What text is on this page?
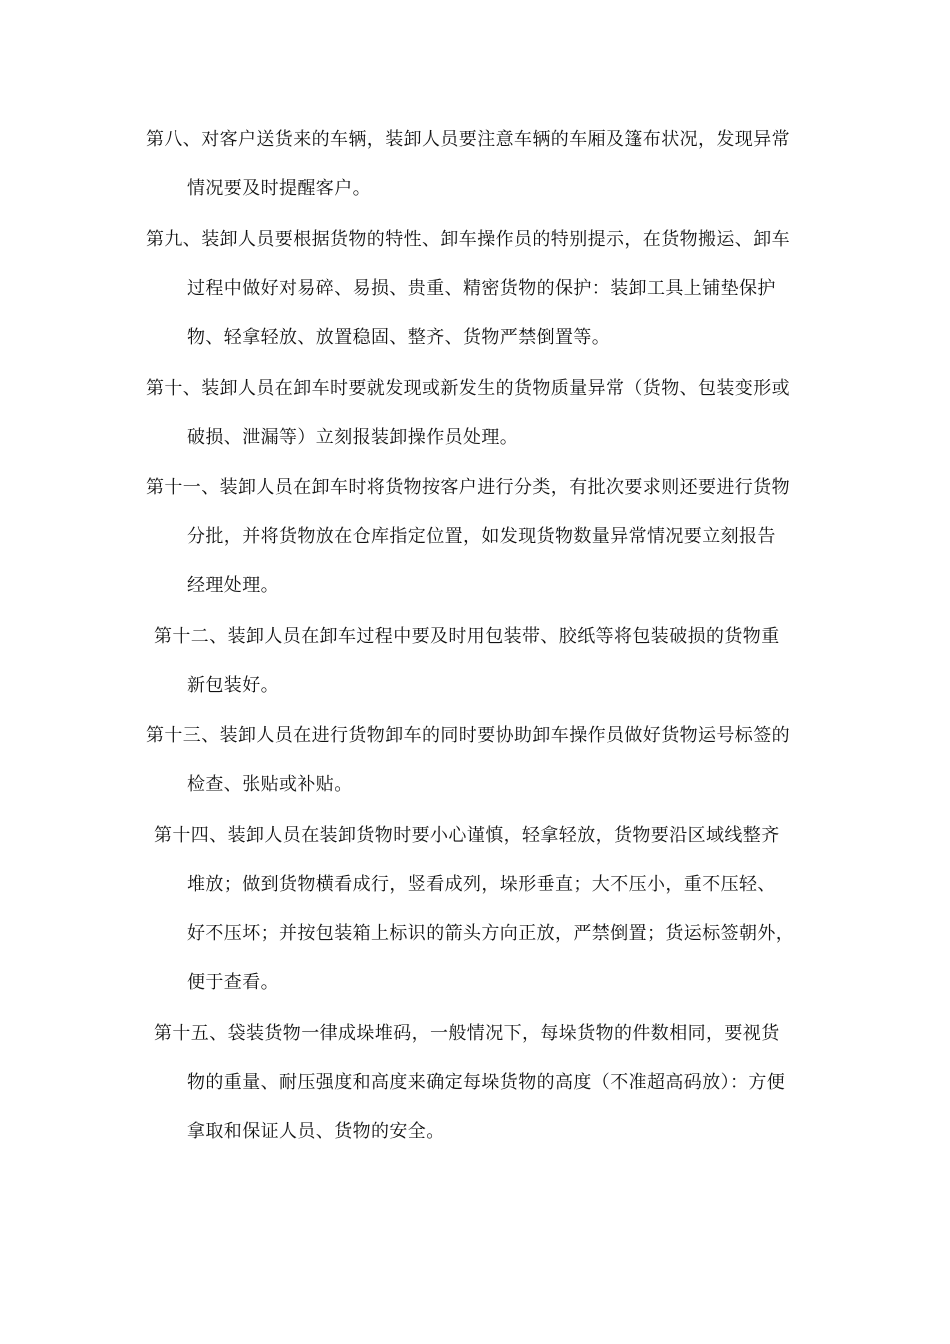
第八、对客户送货来的车辆，装卸人员要注意车辆的车厢及篷布状况，发现异常
情况要及时提醒客户。
第九、装卸人员要根据货物的特性、卸车操作员的特别提示，在货物搬运、卸车
过程中做好对易碎、易损、贵重、精密货物的保护：装卸工具上铺垫保护
物、轻拿轻放、放置稳固、整齐、货物严禁倒置等。
第十、装卸人员在卸车时要就发现或新发生的货物质量异常（货物、包装变形或
破损、泄漏等）立刻报装卸操作员处理。
第十一、装卸人员在卸车时将货物按客户进行分类，有批次要求则还要进行货物
分批，并将货物放在仓库指定位置，如发现货物数量异常情况要立刻报告
经理处理。
第十二、装卸人员在卸车过程中要及时用包装带、胶纸等将包装破损的货物重
新包装好。
第十三、装卸人员在进行货物卸车的同时要协助卸车操作员做好货物运号标签的
检查、张贴或补贴。
第十四、装卸人员在装卸货物时要小心谨慎，轻拿轻放，货物要沿区域线整齐
堆放；做到货物横看成行，竖看成列，垛形垂直；大不压小，重不压轻、
好不压坏；并按包装箱上标识的箭头方向正放，严禁倒置；货运标签朝外，
便于查看。
第十五、袋装货物一律成垛堆码，一般情况下，每垛货物的件数相同，要视货
物的重量、耐压强度和高度来确定每垛货物的高度（不准超高码放）：方便
拿取和保证人员、货物的安全。
